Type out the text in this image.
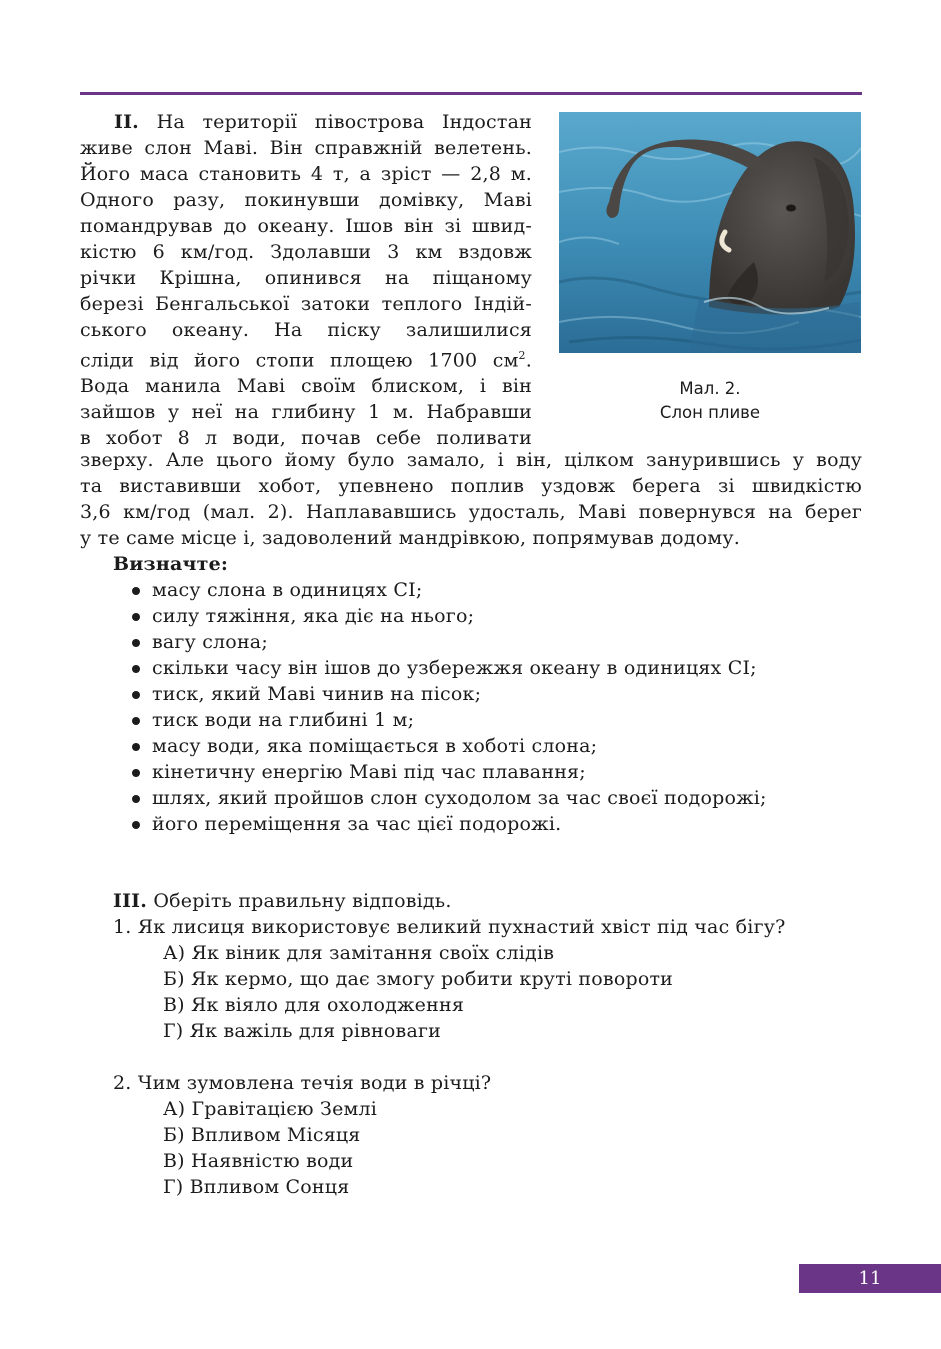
II. На території півострова Індостан
живе слон Маві. Він справжній велетень.
Його маса становить 4 т, а зріст — 2,8 м.
Одного разу, покинувши домівку, Маві
помандрував до океану. Ішов він зі швид-
кістю 6 км/год. Здолавши 3 км вздовж
річки Крішна, опинився на піщаному
березі Бенгальської затоки теплого Індій-
ського океану. На піску залишилися
сліди від його стопи площею 1700 $см^2$.
Вода манила Маві своїм блиском, і він
зайшов у неї на глибину 1 м. Набравши
в хобот 8 л води, почав себе поливати
Мал. 2.
Слон пливе
зверху. Але цього йому було замало, і він, цілком занурившись у воду
та виставивши хобот, упевнено поплив уздовж берега зі швидкістю
3,6 км/год (мал. 2). Наплававшись удосталь, Маві повернувся на берег
у те саме місце і, задоволений мандрівкою, попрямував додому.
Визначте:
масу слона в одиницях СІ;
силу тяжіння, яка діє на нього;
вагу слона;
скільки часу він ішов до узбережжя океану в одиницях СІ;
тиск, який Маві чинив на пісок;
тиск води на глибині 1 м;
масу води, яка поміщається в хоботі слона;
кінетичну енергію Маві під час плавання;
шлях, який пройшов слон суходолом за час своєї подорожі;
його переміщення за час цієї подорожі.
III. Оберіть правильну відповідь.
1. Як лисиця використовує великий пухнастий хвіст під час бігу?
А) Як віник для замітання своїх слідів
Б) Як кермо, що дає змогу робити круті повороти
В) Як віяло для охолодження
Г) Як важіль для рівноваги
2. Чим зумовлена течія води в річці?
А) Гравітацією Землі
Б) Впливом Місяця
В) Наявністю води
Г) Впливом Сонця
11
